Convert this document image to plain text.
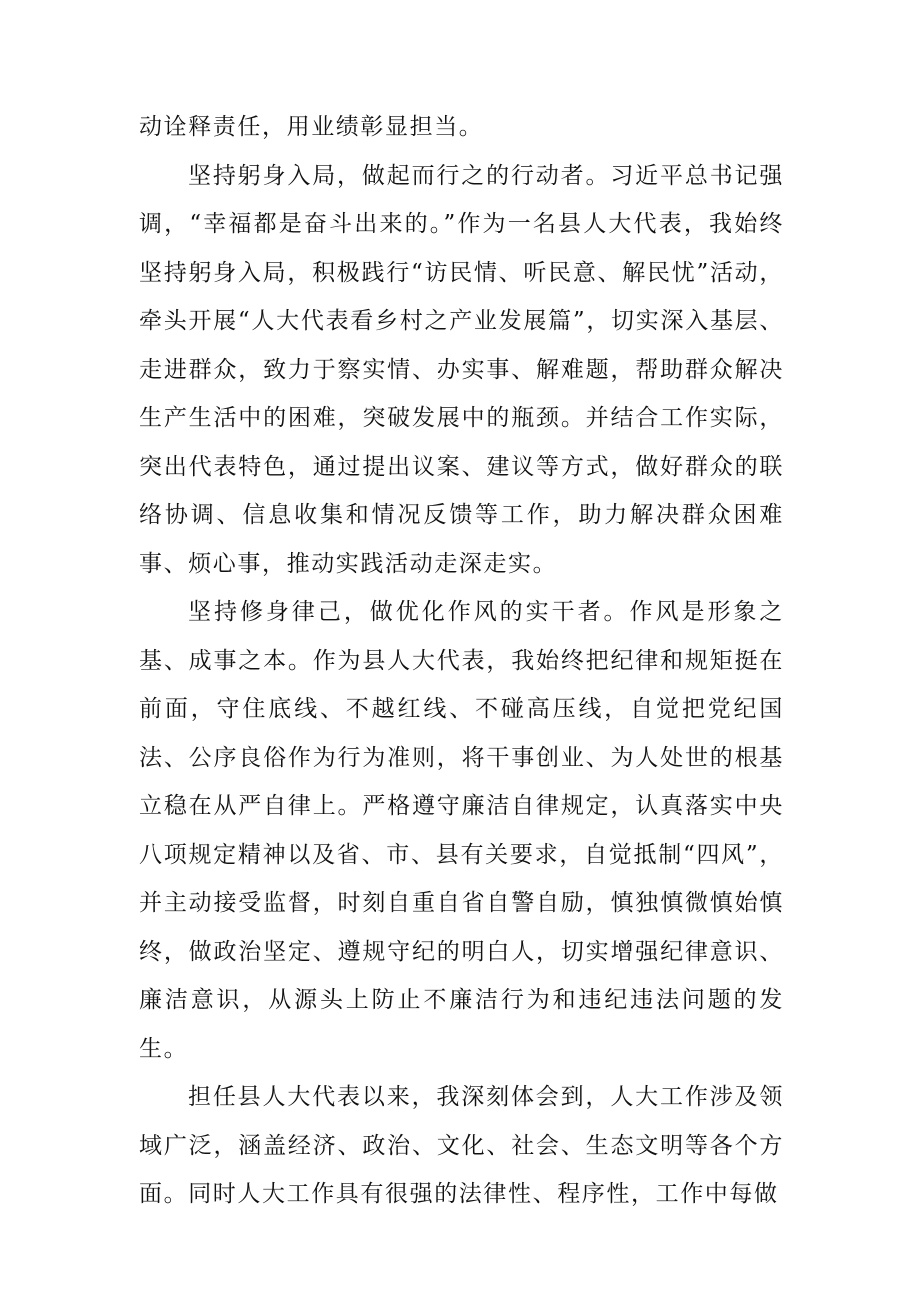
动诠释责任，用业绩彰显担当。

坚持躬身入局，做起而行之的行动者。习近平总书记强调，“幸福都是奋斗出来的。”作为一名县人大代表，我始终坚持躬身入局，积极践行“访民情、听民意、解民忧”活动，牵头开展“人大代表看乡村之产业发展篇”，切实深入基层、走进群众，致力于察实情、办实事、解难题，帮助群众解决生产生活中的困难，突破发展中的瓶颈。并结合工作实际，突出代表特色，通过提出议案、建议等方式，做好群众的联络协调、信息收集和情况反馈等工作，助力解决群众困难事、烦心事，推动实践活动走深走实。

坚持修身律己，做优化作风的实干者。作风是形象之基、成事之本。作为县人大代表，我始终把纪律和规矩挺在前面，守住底线、不越红线、不碰高压线，自觉把党纪国法、公序良俗作为行为准则，将干事创业、为人处世的根基立稳在从严自律上。严格遵守廉洁自律规定，认真落实中央八项规定精神以及省、市、县有关要求，自觉抵制“四风”，并主动接受监督，时刻自重自省自警自励，慎独慎微慎始慎终，做政治坚定、遵规守纪的明白人，切实增强纪律意识、廉洁意识，从源头上防止不廉洁行为和违纪违法问题的发生。

担任县人大代表以来，我深刻体会到，人大工作涉及领域广泛，涵盖经济、政治、文化、社会、生态文明等各个方面。同时人大工作具有很强的法律性、程序性，工作中每做
